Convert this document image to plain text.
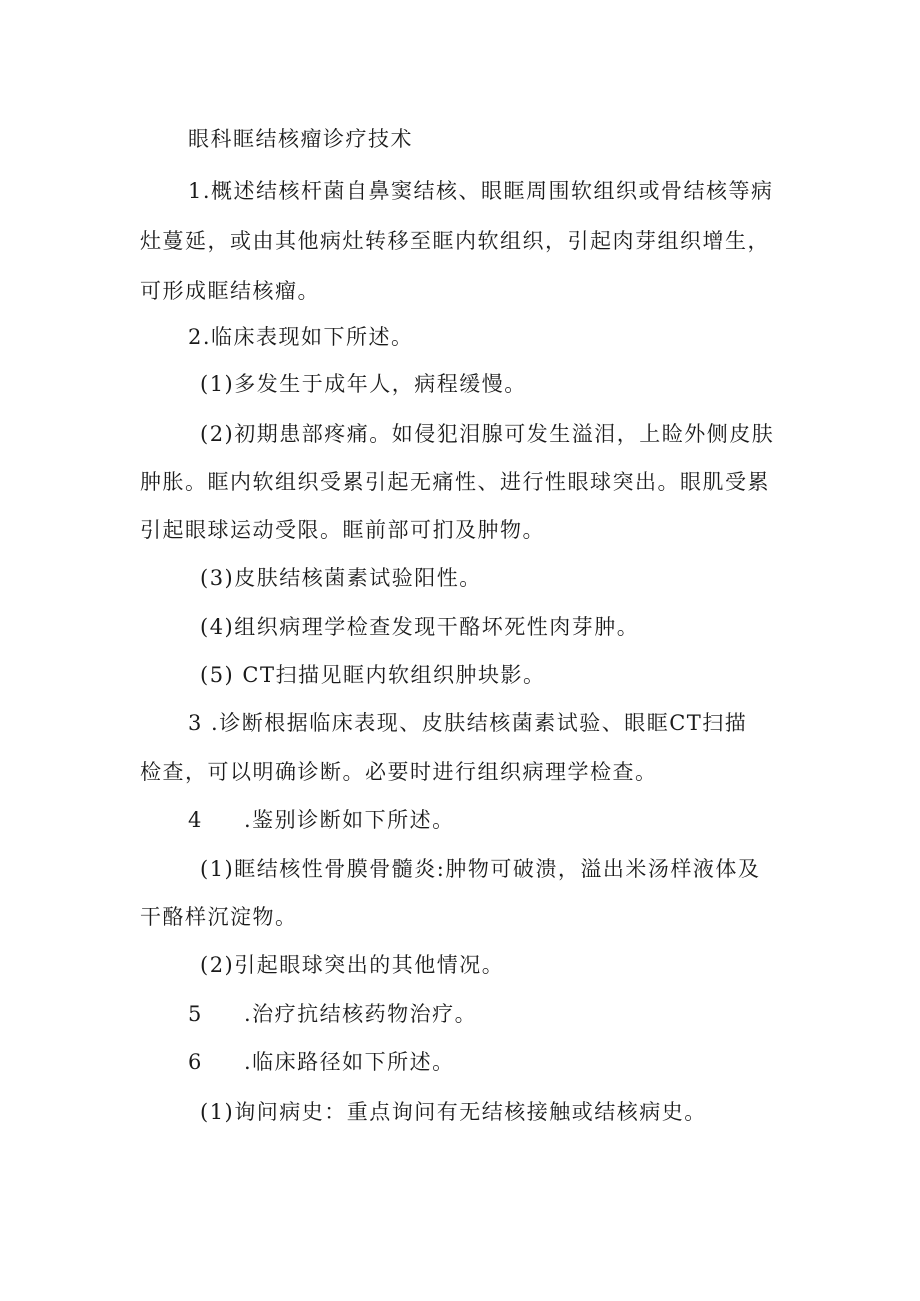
眼科眶结核瘤诊疗技术
1.概述结核杆菌自鼻窦结核、眼眶周围软组织或骨结核等病
灶蔓延，或由其他病灶转移至眶内软组织，引起肉芽组织增生，
可形成眶结核瘤。
2.临床表现如下所述。
(1)多发生于成年人，病程缓慢。
(2)初期患部疼痛。如侵犯泪腺可发生溢泪，上睑外侧皮肤
肿胀。眶内软组织受累引起无痛性、进行性眼球突出。眼肌受累
引起眼球运动受限。眶前部可扪及肿物。
(3)皮肤结核菌素试验阳性。
(4)组织病理学检查发现干酪坏死性肉芽肿。
(5) CT扫描见眶内软组织肿块影。
3 .诊断根据临床表现、皮肤结核菌素试验、眼眶CT扫描
检查，可以明确诊断。必要时进行组织病理学检查。
4 .鉴别诊断如下所述。
(1)眶结核性骨膜骨髓炎:肿物可破溃，溢出米汤样液体及
干酪样沉淀物。
(2)引起眼球突出的其他情况。
5 .治疗抗结核药物治疗。
6 .临床路径如下所述。
(1)询问病史：重点询问有无结核接触或结核病史。
